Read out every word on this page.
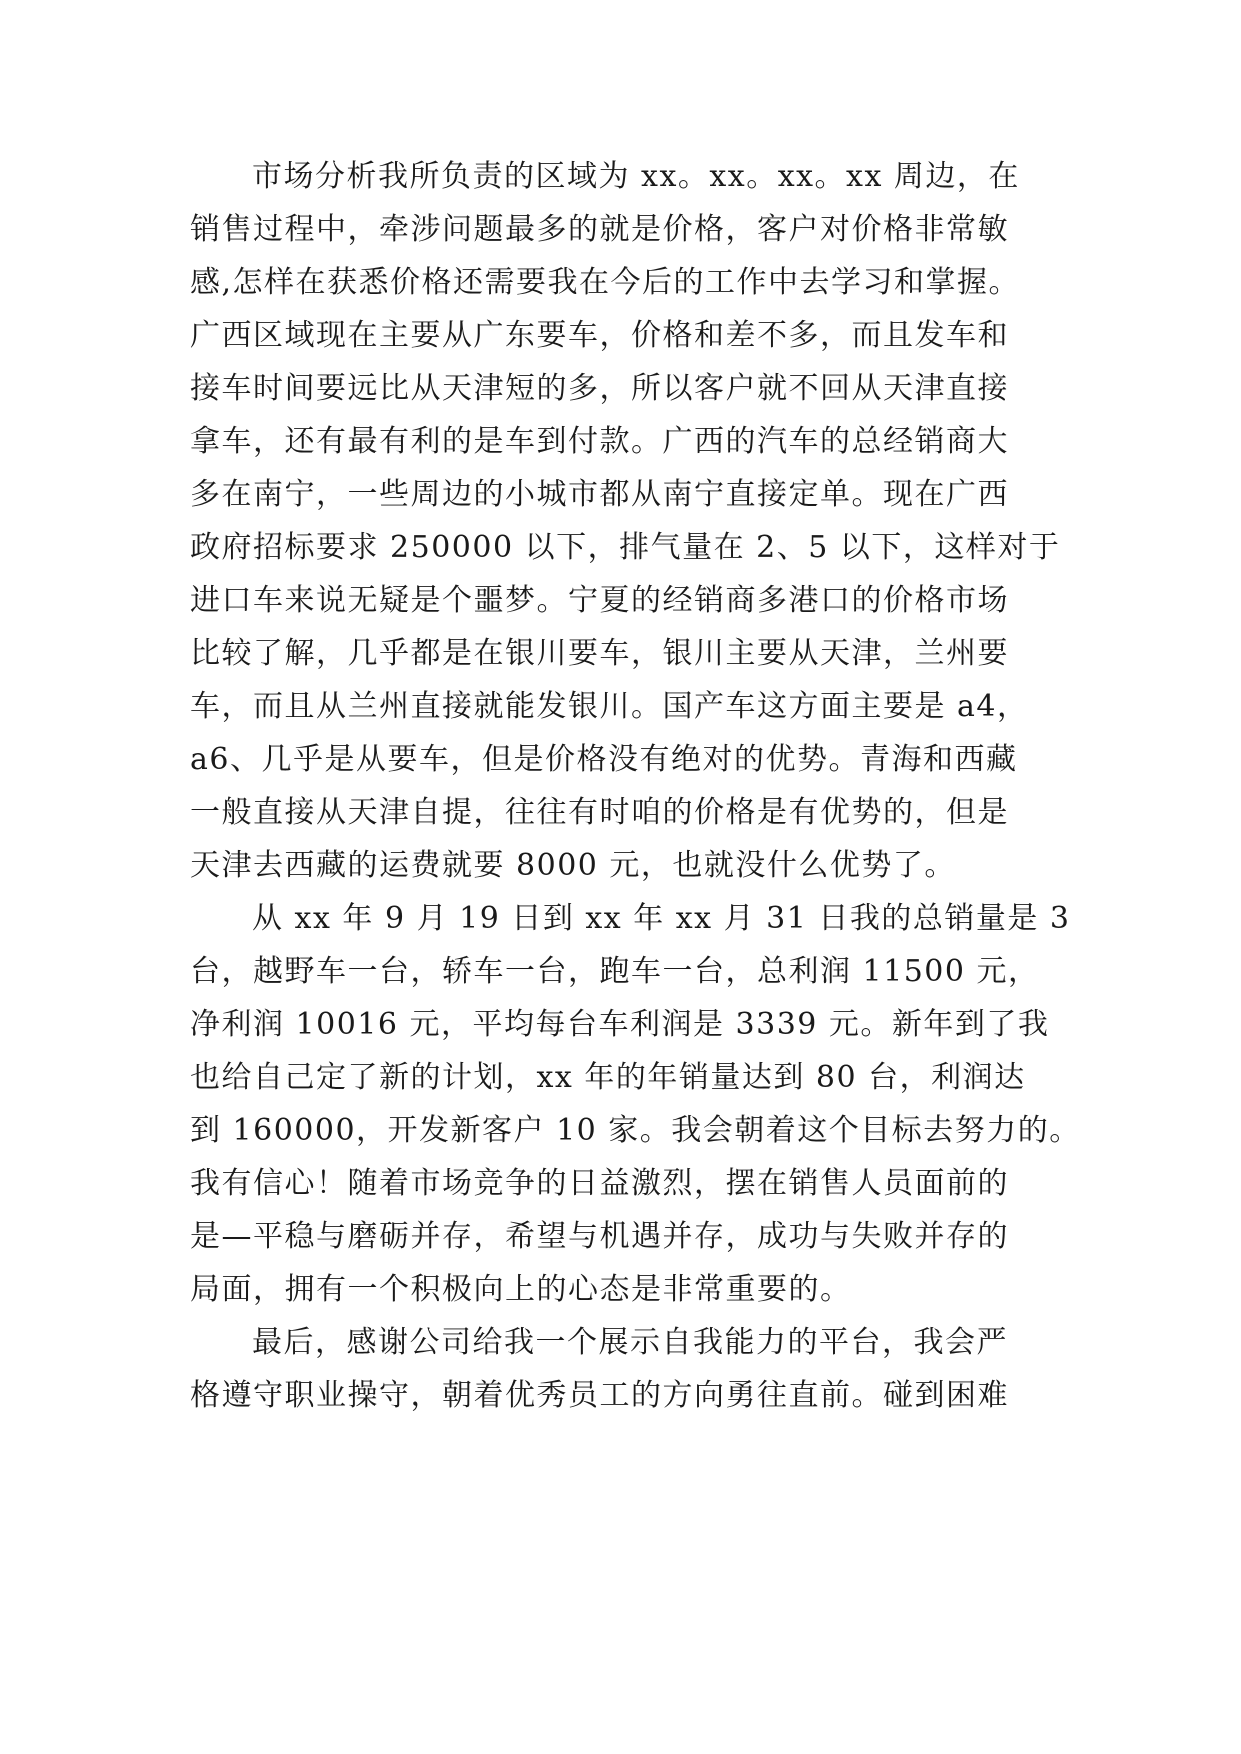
市场分析我所负责的区域为 xx。xx。xx。xx 周边，在
销售过程中，牵涉问题最多的就是价格，客户对价格非常敏
感,怎样在获悉价格还需要我在今后的工作中去学习和掌握。
广西区域现在主要从广东要车，价格和差不多，而且发车和
接车时间要远比从天津短的多，所以客户就不回从天津直接
拿车，还有最有利的是车到付款。广西的汽车的总经销商大
多在南宁，一些周边的小城市都从南宁直接定单。现在广西
政府招标要求 250000 以下，排气量在 2、5 以下，这样对于
进口车来说无疑是个噩梦。宁夏的经销商多港口的价格市场
比较了解，几乎都是在银川要车，银川主要从天津，兰州要
车，而且从兰州直接就能发银川。国产车这方面主要是 a4，
a6、几乎是从要车，但是价格没有绝对的优势。青海和西藏
一般直接从天津自提，往往有时咱的价格是有优势的，但是
天津去西藏的运费就要 8000 元，也就没什么优势了。
从 xx 年 9 月 19 日到 xx 年 xx 月 31 日我的总销量是 3
台，越野车一台，轿车一台，跑车一台，总利润 11500 元，
净利润 10016 元，平均每台车利润是 3339 元。新年到了我
也给自己定了新的计划，xx 年的年销量达到 80 台，利润达
到 160000，开发新客户 10 家。我会朝着这个目标去努力的。
我有信心！随着市场竞争的日益激烈，摆在销售人员面前的
是—平稳与磨砺并存，希望与机遇并存，成功与失败并存的
局面，拥有一个积极向上的心态是非常重要的。
最后，感谢公司给我一个展示自我能力的平台，我会严
格遵守职业操守，朝着优秀员工的方向勇往直前。碰到困难
